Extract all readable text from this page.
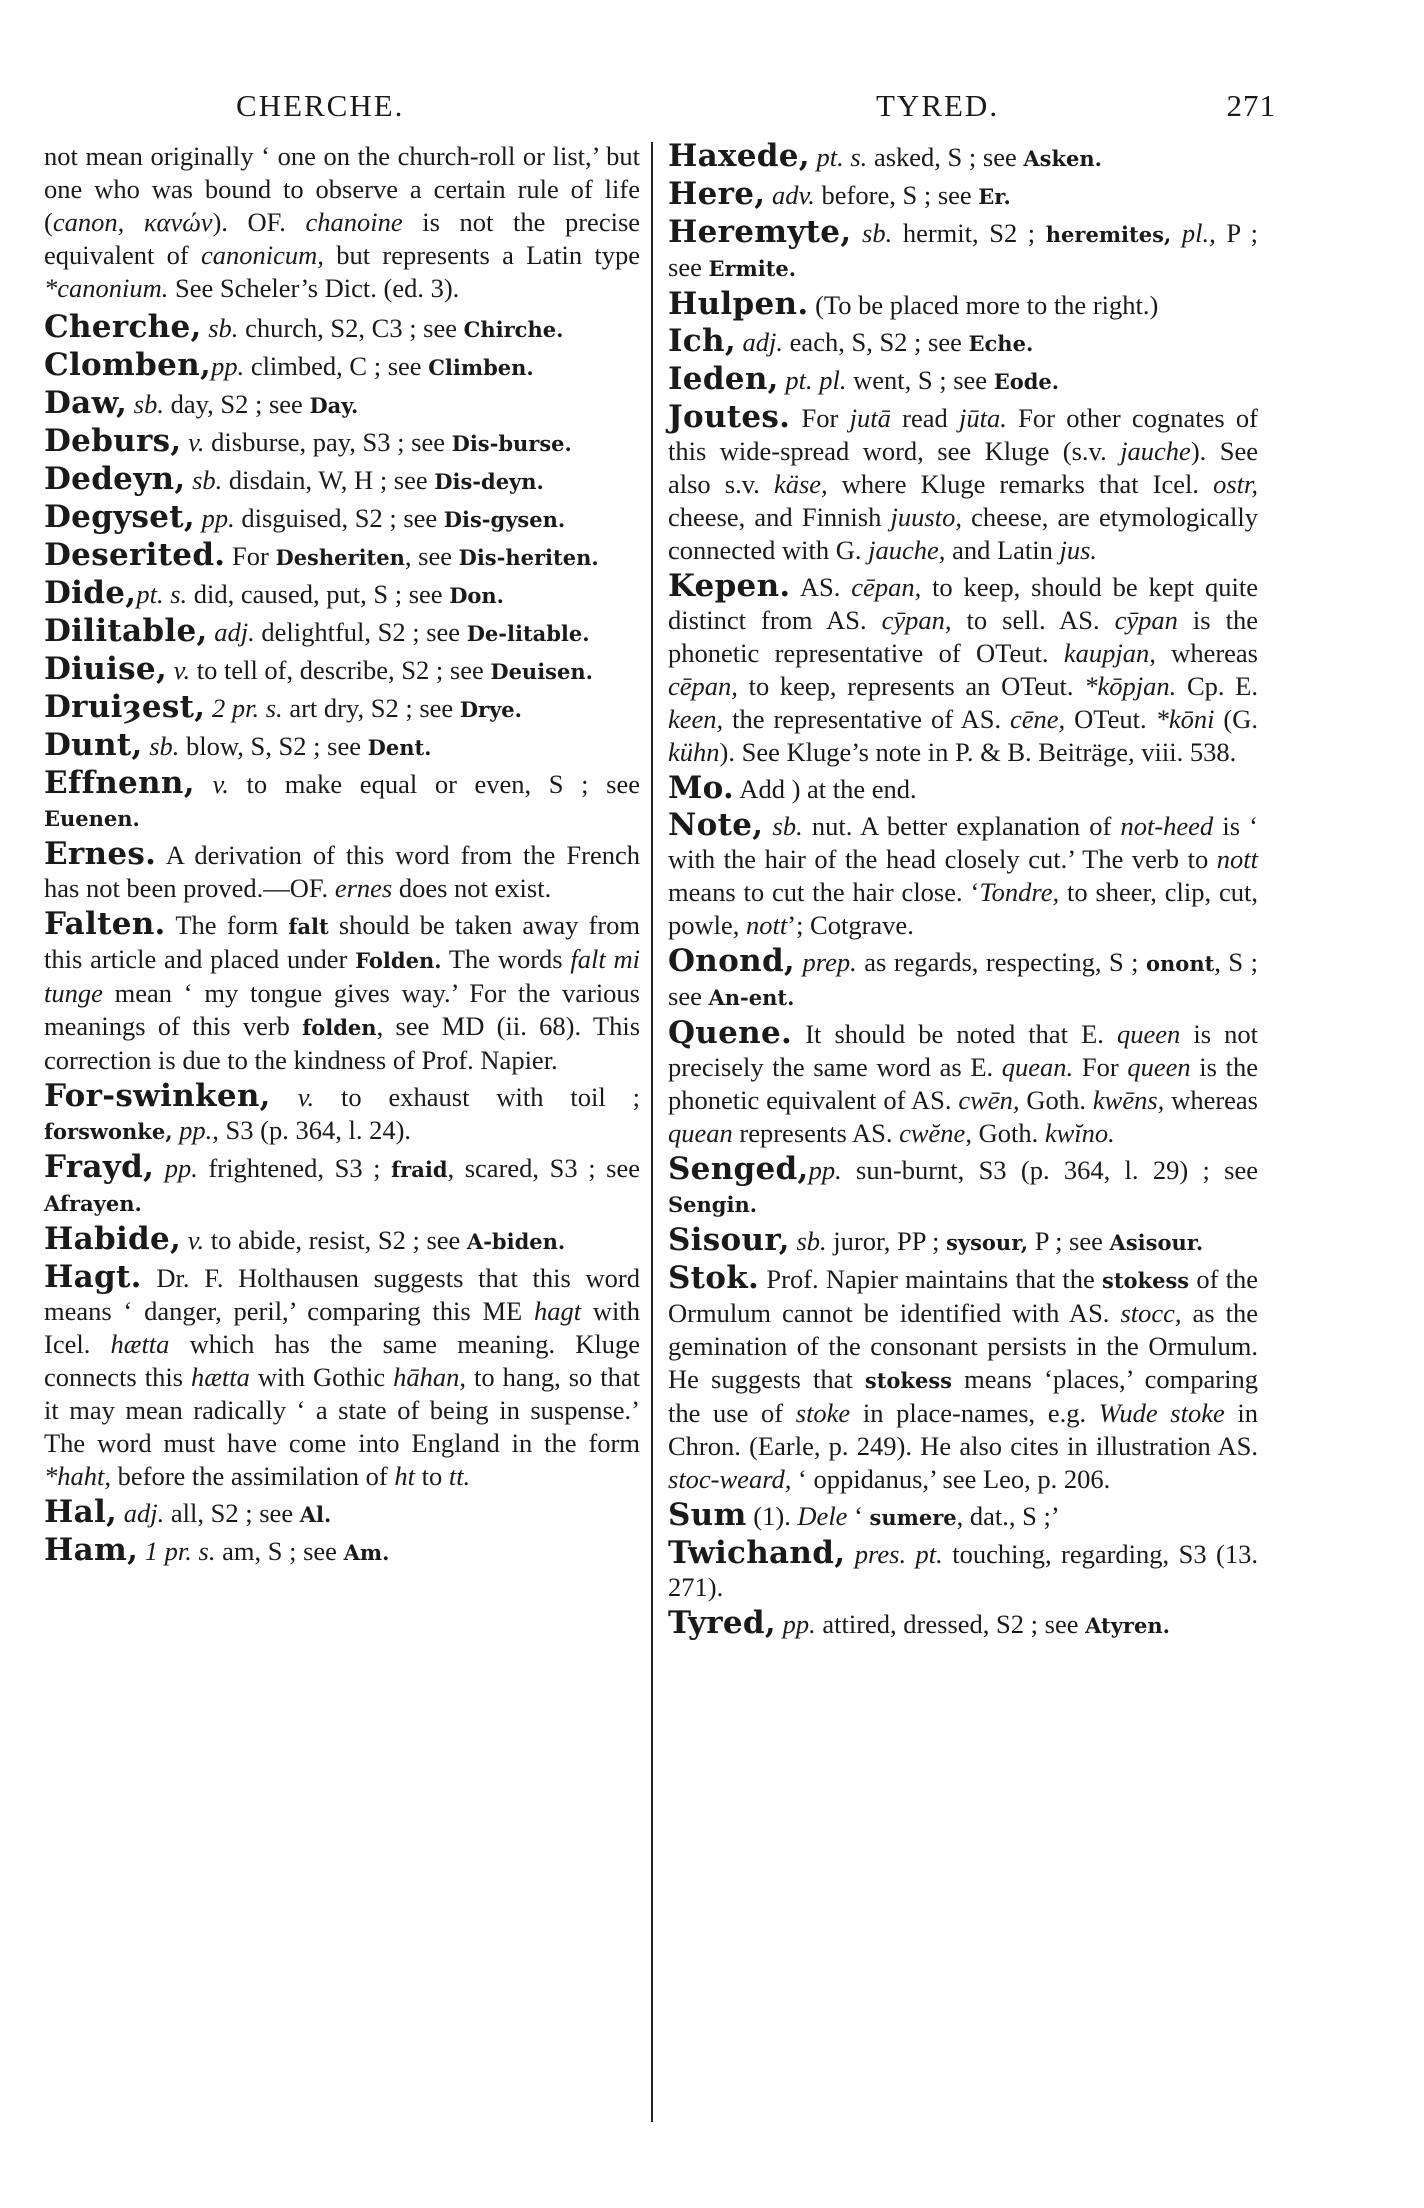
CHERCHE.	TYRED.	271

not mean originally ‘ one on the church-roll or list,’ but one who was bound to observe a certain rule of life (canon, κανών). OF. chanoine is not the precise equivalent of canonicum, but represents a Latin type *canonium. See Scheler’s Dict. (ed. 3).

Cherche, sb. church, S2, C3 ; see Chirche.

Clomben,pp. climbed, C ; see Climben.

Daw, sb. day, S2 ; see Day.

Deburs, v. disburse, pay, S3 ; see Dis-burse.

Dedeyn, sb. disdain, W, H ; see Dis-deyn.

Degyset, pp. disguised, S2 ; see Dis-gysen.

Deserited. For Desheriten, see Dis-heriten.

Dide,pt. s. did, caused, put, S ; see Don.

Dilitable, adj. delightful, S2 ; see De-litable.

Diuise, v. to tell of, describe, S2 ; see Deuisen.

Druiȝest, 2 pr. s. art dry, S2 ; see Drye.

Dunt, sb. blow, S, S2 ; see Dent.

Effnenn, v. to make equal or even, S ; see Euenen.

Ernes. A derivation of this word from the French has not been proved.—OF. ernes does not exist.

Falten. The form falt should be taken away from this article and placed under Folden. The words falt mi tunge mean ‘ my tongue gives way.’ For the various meanings of this verb folden, see MD (ii. 68). This correction is due to the kindness of Prof. Napier.

For-swinken, v. to exhaust with toil ; forswonke, pp., S3 (p. 364, l. 24).

Frayd, pp. frightened, S3 ; fraid, scared, S3 ; see Afrayen.

Habide, v. to abide, resist, S2 ; see A-biden.

Hagt. Dr. F. Holthausen suggests that this word means ‘ danger, peril,’ comparing this ME hagt with Icel. hætta which has the same meaning. Kluge connects this hætta with Gothic hāhan, to hang, so that it may mean radically ‘ a state of being in suspense.’ The word must have come into England in the form *haht, before the assimilation of ht to tt.

Hal, adj. all, S2 ; see Al.

Ham, 1 pr. s. am, S ; see Am.

Haxede, pt. s. asked, S ; see Asken.

Here, adv. before, S ; see Er.

Heremyte, sb. hermit, S2 ; heremites, pl., P ; see Ermite.

Hulpen. (To be placed more to the right.)

Ich, adj. each, S, S2 ; see Eche.

Ieden, pt. pl. went, S ; see Eode.

Joutes. For jutā read jūta. For other cognates of this wide-spread word, see Kluge (s.v. jauche). See also s.v. käse, where Kluge remarks that Icel. ostr, cheese, and Finnish juusto, cheese, are etymologically connected with G. jauche, and Latin jus.

Kepen. AS. cēpan, to keep, should be kept quite distinct from AS. cȳpan, to sell. AS. cȳpan is the phonetic representative of OTeut. kaupjan, whereas cēpan, to keep, represents an OTeut. *kōpjan. Cp. E. keen, the representative of AS. cēne, OTeut. *kōni (G. kühn). See Kluge’s note in P. & B. Beiträge, viii. 538.

Mo. Add ) at the end.

Note, sb. nut. A better explanation of not-heed is ‘ with the hair of the head closely cut.’ The verb to nott means to cut the hair close. ‘Tondre, to sheer, clip, cut, powle, nott’; Cotgrave.

Onond, prep. as regards, respecting, S ; onont, S ; see An-ent.

Quene. It should be noted that E. queen is not precisely the same word as E. quean. For queen is the phonetic equivalent of AS. cwēn, Goth. kwēns, whereas quean represents AS. cwĕne, Goth. kwĭno.

Senged,pp. sun-burnt, S3 (p. 364, l. 29) ; see Sengin.

Sisour, sb. juror, PP ; sysour, P ; see Asisour.

Stok. Prof. Napier maintains that the stokess of the Ormulum cannot be identified with AS. stocc, as the gemination of the consonant persists in the Ormulum. He suggests that stokess means ‘places,’ comparing the use of stoke in place-names, e.g. Wude stoke in Chron. (Earle, p. 249). He also cites in illustration AS. stoc-weard, ‘ oppidanus,’ see Leo, p. 206.

Sum (1). Dele ‘ sumere, dat., S ;’

Twichand, pres. pt. touching, regarding, S3 (13. 271).

Tyred, pp. attired, dressed, S2 ; see Atyren.
